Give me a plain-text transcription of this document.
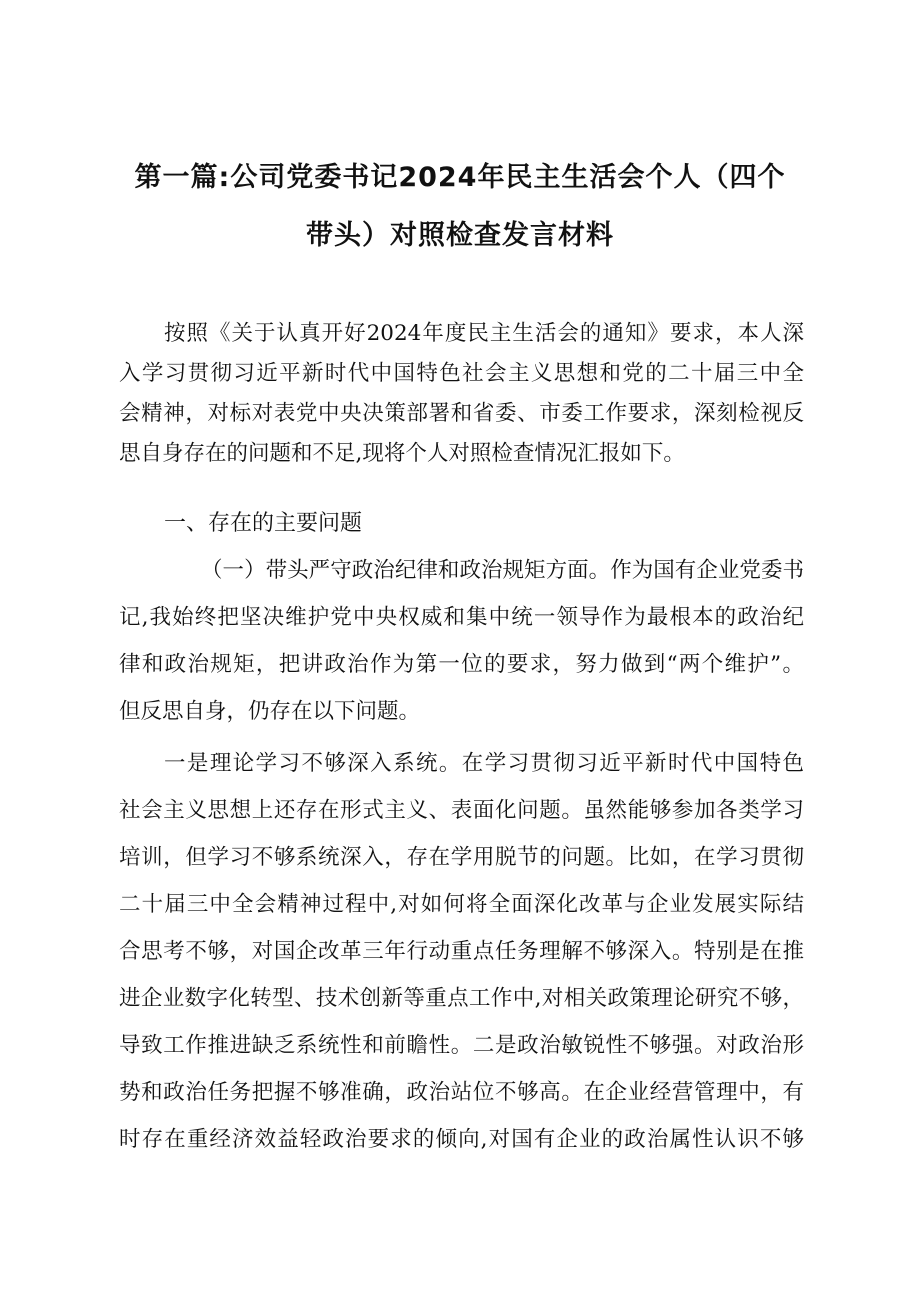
第一篇:公司党委书记2024年民主生活会个人（四个
带头）对照检查发言材料
按照《关于认真开好2024年度民主生活会的通知》要求，本人深
入学习贯彻习近平新时代中国特色社会主义思想和党的二十届三中全
会精神，对标对表党中央决策部署和省委、市委工作要求，深刻检视反
思自身存在的问题和不足,现将个人对照检查情况汇报如下。
一、存在的主要问题
（一）带头严守政治纪律和政治规矩方面。作为国有企业党委书
记,我始终把坚决维护党中央权威和集中统一领导作为最根本的政治纪
律和政治规矩，把讲政治作为第一位的要求，努力做到“两个维护”。
但反思自身，仍存在以下问题。
一是理论学习不够深入系统。在学习贯彻习近平新时代中国特色
社会主义思想上还存在形式主义、表面化问题。虽然能够参加各类学习
培训，但学习不够系统深入，存在学用脱节的问题。比如，在学习贯彻
二十届三中全会精神过程中,对如何将全面深化改革与企业发展实际结
合思考不够，对国企改革三年行动重点任务理解不够深入。特别是在推
进企业数字化转型、技术创新等重点工作中,对相关政策理论研究不够，
导致工作推进缺乏系统性和前瞻性。二是政治敏锐性不够强。对政治形
势和政治任务把握不够准确，政治站位不够高。在企业经营管理中，有
时存在重经济效益轻政治要求的倾向,对国有企业的政治属性认识不够
